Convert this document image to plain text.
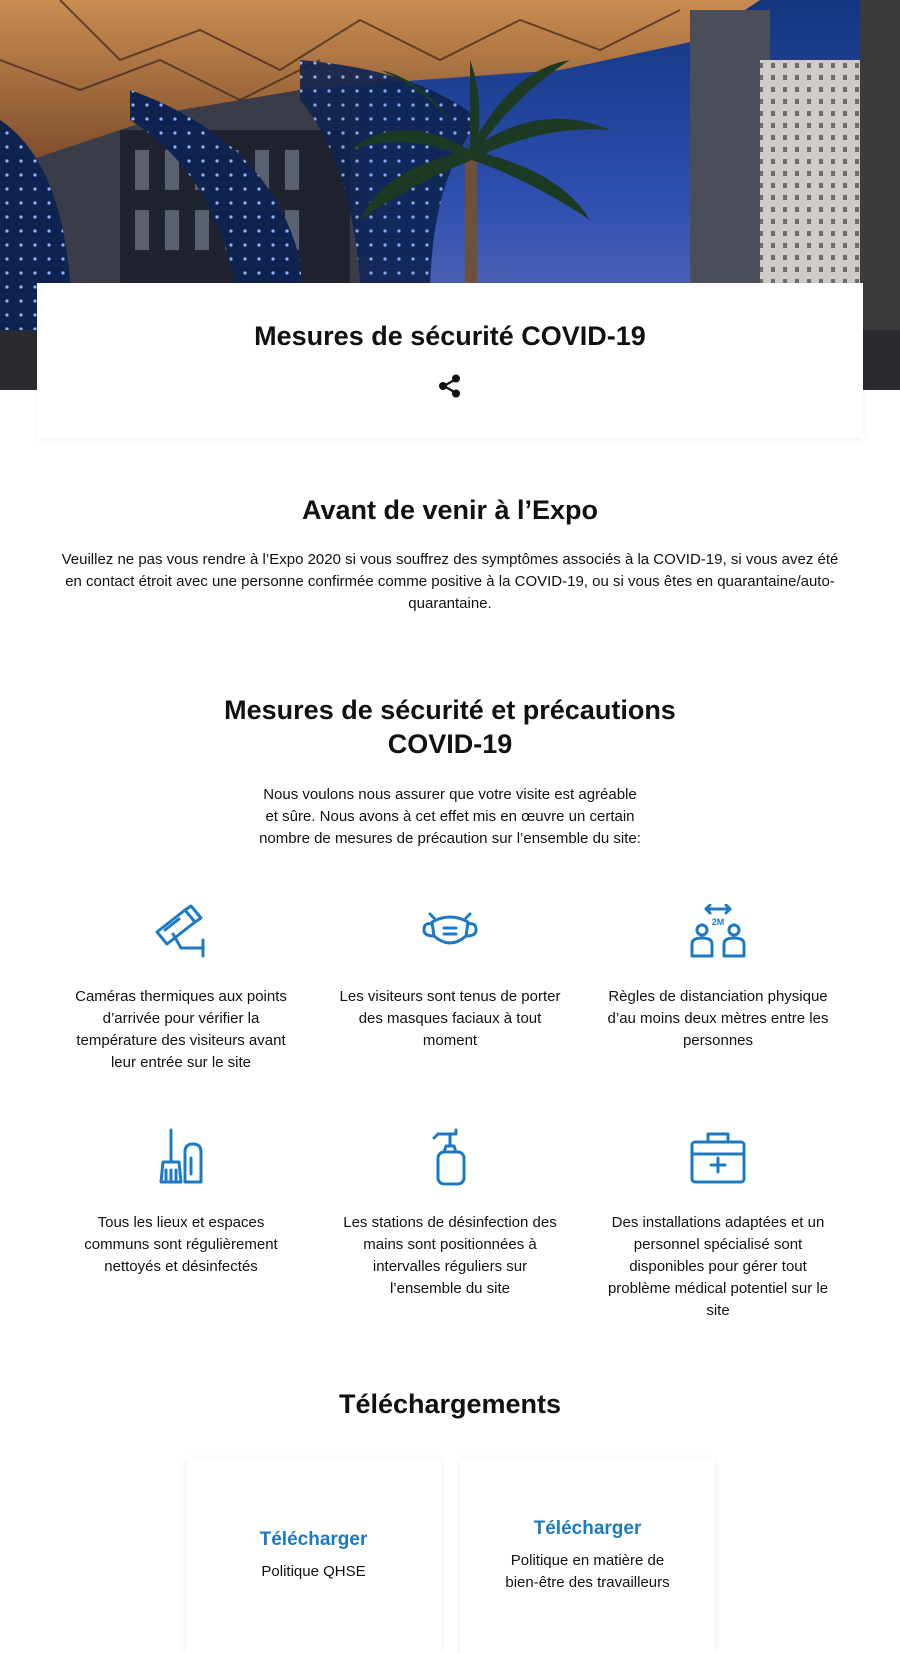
Mesures de sécurité COVID-19
Avant de venir à l’Expo

Veuillez ne pas vous rendre à l’Expo 2020 si vous souffrez des symptômes associés à la COVID-19, si vous avez été en contact étroit avec une personne confirmée comme positive à la COVID-19, ou si vous êtes en quarantaine/auto-quarantaine.

Mesures de sécurité et précautions
COVID-19

Nous voulons nous assurer que votre visite est agréable et sûre. Nous avons à cet effet mis en œuvre un certain nombre de mesures de précaution sur l’ensemble du site:

Caméras thermiques aux points d’arrivée pour vérifier la température des visiteurs avant leur entrée sur le site

Les visiteurs sont tenus de porter des masques faciaux à tout moment

2M

Règles de distanciation physique d’au moins deux mètres entre les personnes

Tous les lieux et espaces communs sont régulièrement nettoyés et désinfectés

Les stations de désinfection des mains sont positionnées à intervalles réguliers sur l’ensemble du site

Des installations adaptées et un personnel spécialisé sont disponibles pour gérer tout problème médical potentiel sur le site

Téléchargements
Télécharger

Politique QHSE

Télécharger

Politique en matière de bien-être des travailleurs
